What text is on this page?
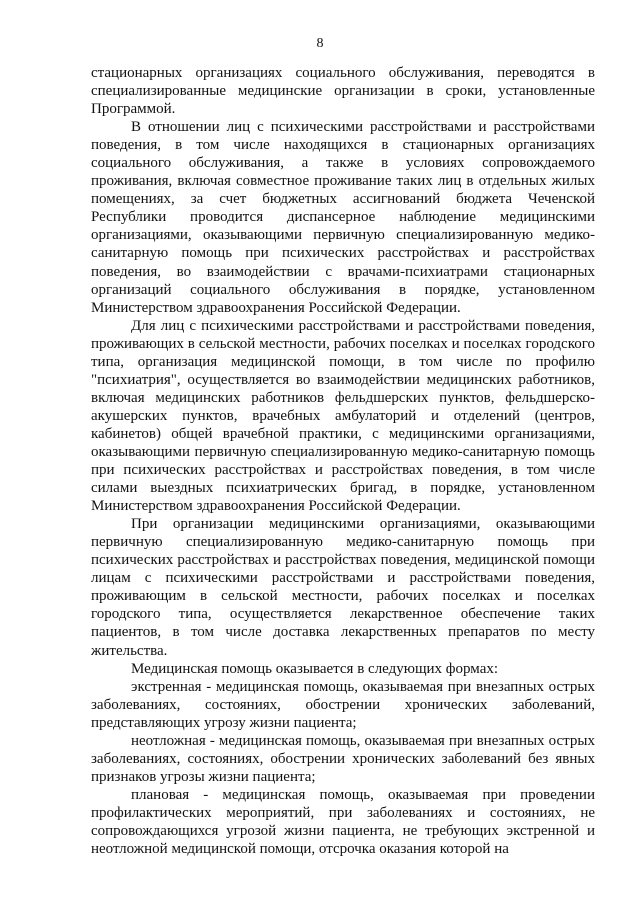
8

стационарных организациях социального обслуживания, переводятся в специализированные медицинские организации в сроки, установленные Программой.

В отношении лиц с психическими расстройствами и расстройствами поведения, в том числе находящихся в стационарных организациях социального обслуживания, а также в условиях сопровождаемого проживания, включая совместное проживание таких лиц в отдельных жилых помещениях, за счет бюджетных ассигнований бюджета Чеченской Республики проводится диспансерное наблюдение медицинскими организациями, оказывающими первичную специализированную медико-санитарную помощь при психических расстройствах и расстройствах поведения, во взаимодействии с врачами-психиатрами стационарных организаций социального обслуживания в порядке, установленном Министерством здравоохранения Российской Федерации.

Для лиц с психическими расстройствами и расстройствами поведения, проживающих в сельской местности, рабочих поселках и поселках городского типа, организация медицинской помощи, в том числе по профилю "психиатрия", осуществляется во взаимодействии медицинских работников, включая медицинских работников фельдшерских пунктов, фельдшерско-акушерских пунктов, врачебных амбулаторий и отделений (центров, кабинетов) общей врачебной практики, с медицинскими организациями, оказывающими первичную специализированную медико-санитарную помощь при психических расстройствах и расстройствах поведения, в том числе силами выездных психиатрических бригад, в порядке, установленном Министерством здравоохранения Российской Федерации.

При организации медицинскими организациями, оказывающими первичную специализированную медико-санитарную помощь при психических расстройствах и расстройствах поведения, медицинской помощи лицам с психическими расстройствами и расстройствами поведения, проживающим в сельской местности, рабочих поселках и поселках городского типа, осуществляется лекарственное обеспечение таких пациентов, в том числе доставка лекарственных препаратов по месту жительства.

Медицинская помощь оказывается в следующих формах:

экстренная - медицинская помощь, оказываемая при внезапных острых заболеваниях, состояниях, обострении хронических заболеваний, представляющих угрозу жизни пациента;

неотложная - медицинская помощь, оказываемая при внезапных острых заболеваниях, состояниях, обострении хронических заболеваний без явных признаков угрозы жизни пациента;

плановая - медицинская помощь, оказываемая при проведении профилактических мероприятий, при заболеваниях и состояниях, не сопровождающихся угрозой жизни пациента, не требующих экстренной и неотложной медицинской помощи, отсрочка оказания которой на
